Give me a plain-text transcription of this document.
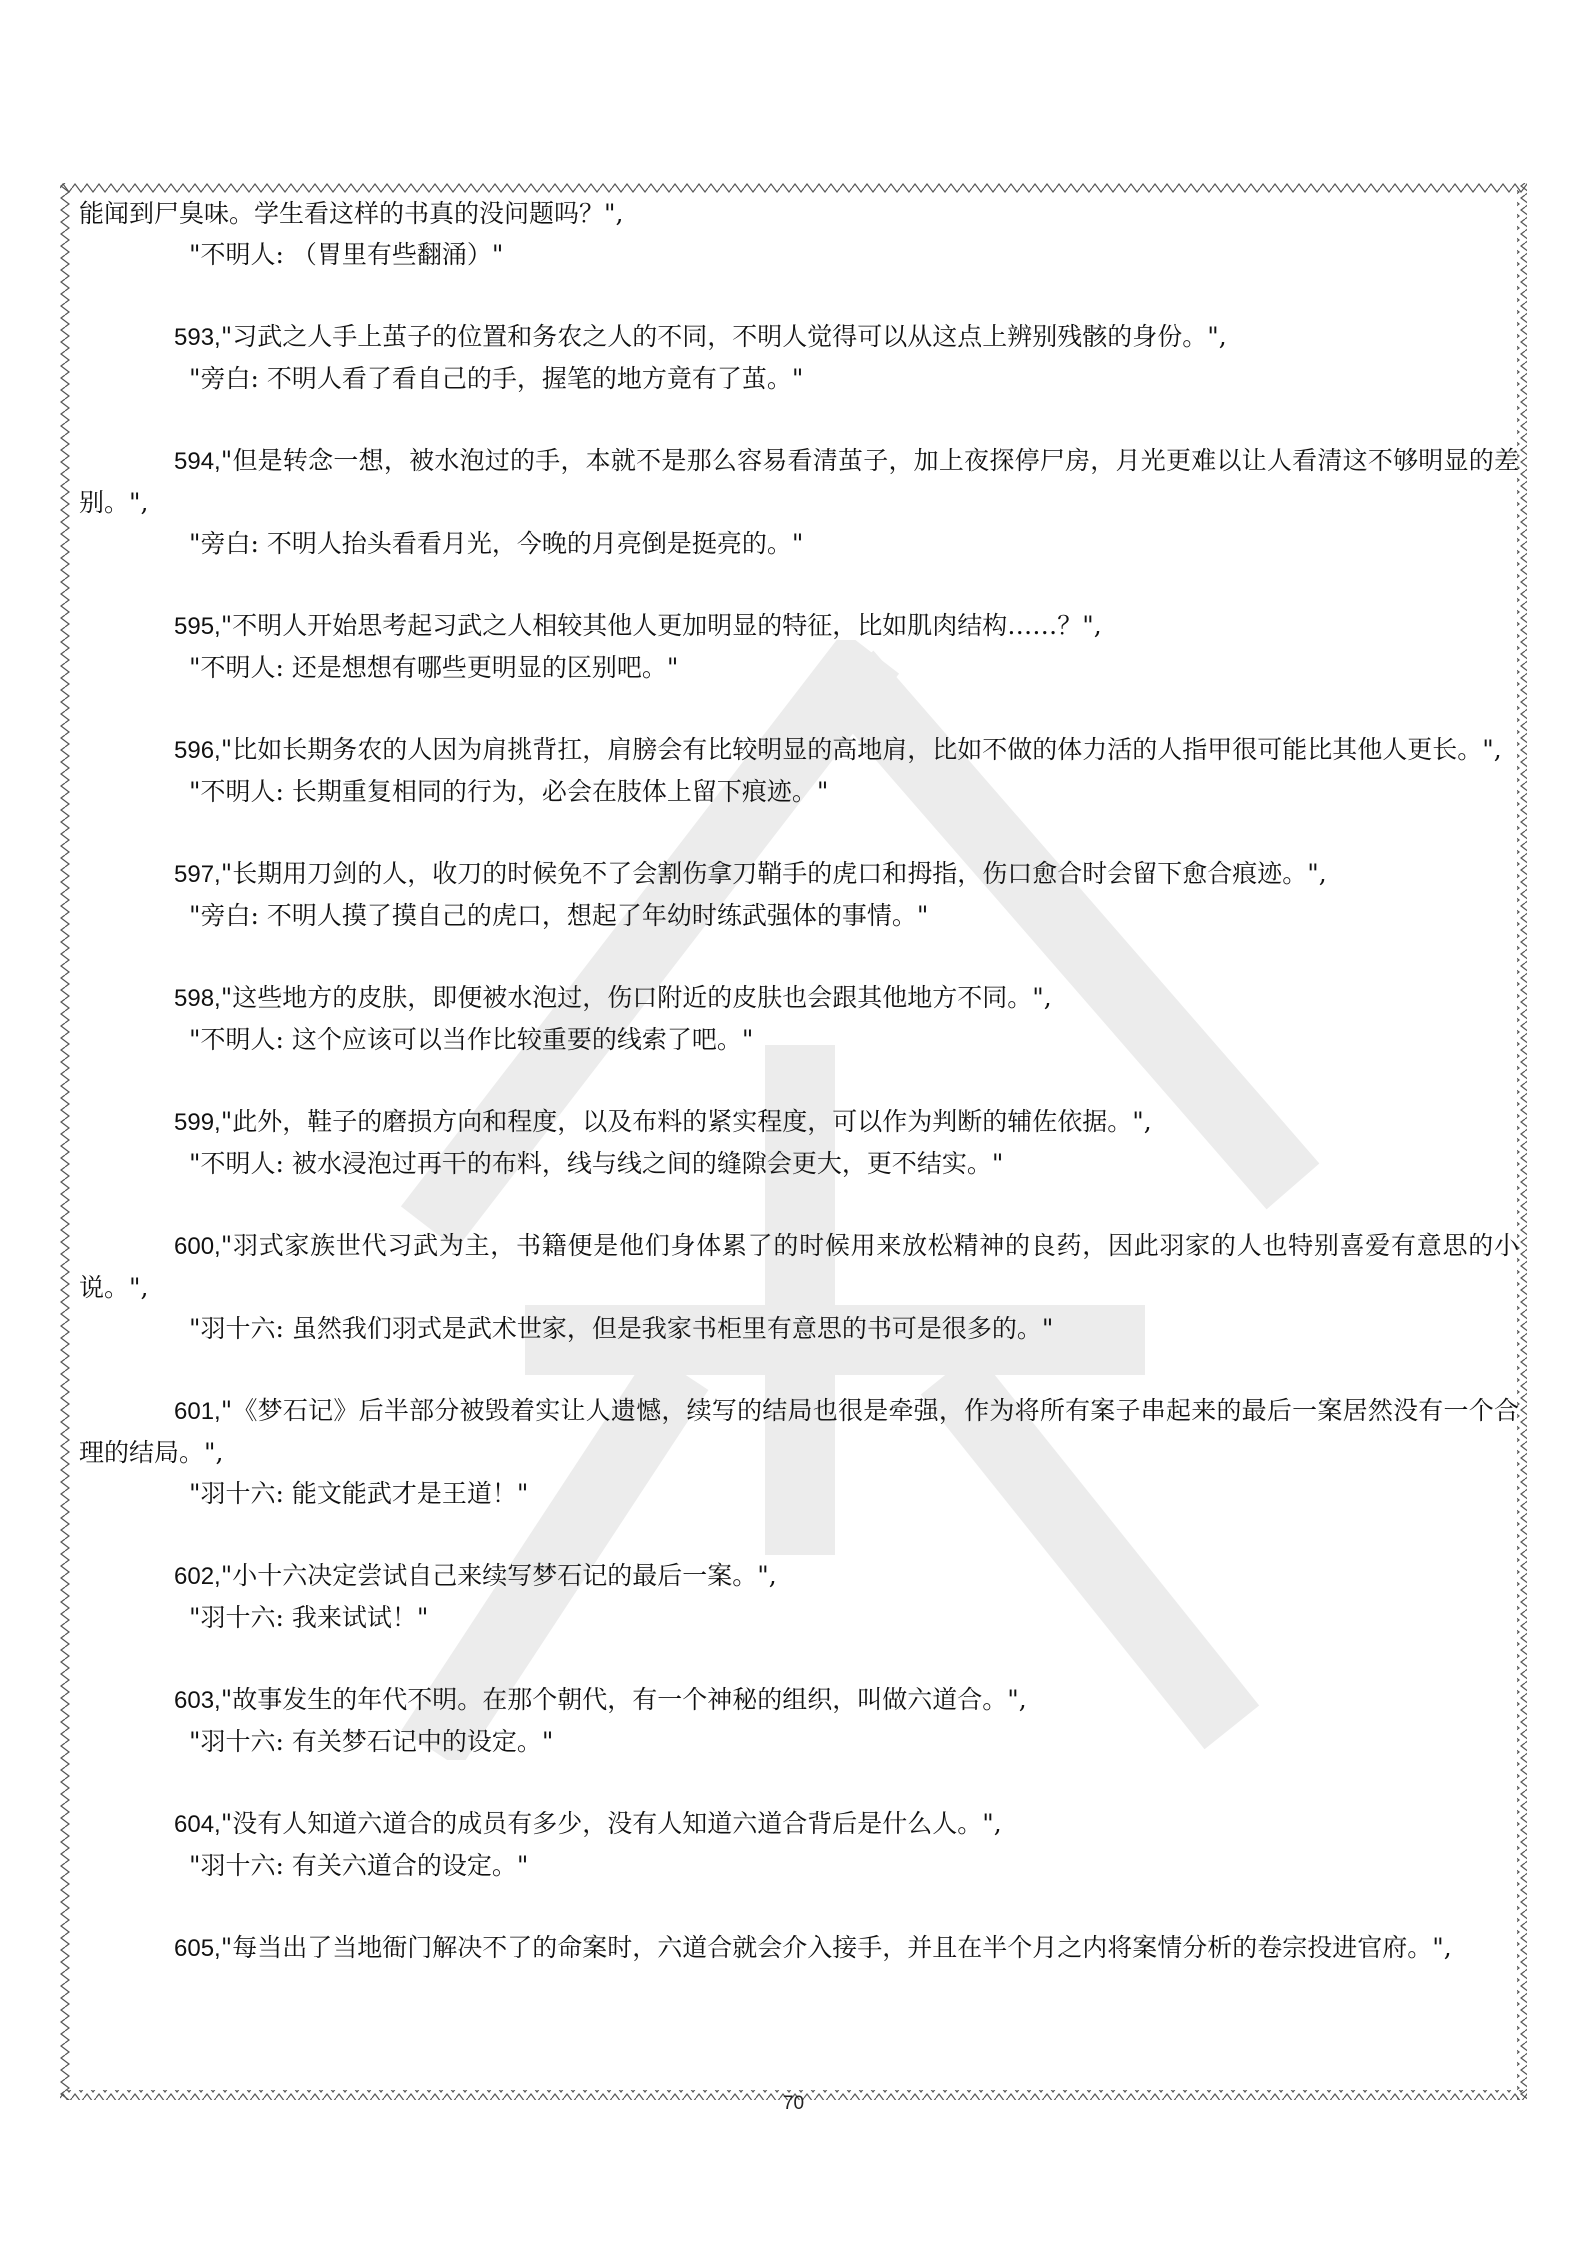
能闻到尸臭味。学生看这样的书真的没问题吗？",

"不明人: （胃里有些翻涌）"

593,"习武之人手上茧子的位置和务农之人的不同，不明人觉得可以从这点上辨别残骸的身份。",

"旁白: 不明人看了看自己的手，握笔的地方竟有了茧。"

594,"但是转念一想，被水泡过的手，本就不是那么容易看清茧子，加上夜探停尸房，月光更难以让人看清这不够明显的差别。",

"旁白: 不明人抬头看看月光，今晚的月亮倒是挺亮的。"

595,"不明人开始思考起习武之人相较其他人更加明显的特征，比如肌肉结构……？",

"不明人: 还是想想有哪些更明显的区别吧。"

596,"比如长期务农的人因为肩挑背扛，肩膀会有比较明显的高地肩，比如不做的体力活的人指甲很可能比其他人更长。",

"不明人: 长期重复相同的行为，必会在肢体上留下痕迹。"

597,"长期用刀剑的人，收刀的时候免不了会割伤拿刀鞘手的虎口和拇指，伤口愈合时会留下愈合痕迹。",

"旁白: 不明人摸了摸自己的虎口，想起了年幼时练武强体的事情。"

598,"这些地方的皮肤，即便被水泡过，伤口附近的皮肤也会跟其他地方不同。",

"不明人: 这个应该可以当作比较重要的线索了吧。"

599,"此外，鞋子的磨损方向和程度，以及布料的紧实程度，可以作为判断的辅佐依据。",

"不明人: 被水浸泡过再干的布料，线与线之间的缝隙会更大，更不结实。"

600,"羽式家族世代习武为主，书籍便是他们身体累了的时候用来放松精神的良药，因此羽家的人也特别喜爱有意思的小说。",

"羽十六: 虽然我们羽式是武术世家，但是我家书柜里有意思的书可是很多的。"

601,"《梦石记》后半部分被毁着实让人遗憾，续写的结局也很是牵强，作为将所有案子串起来的最后一案居然没有一个合理的结局。",

"羽十六: 能文能武才是王道！"

602,"小十六决定尝试自己来续写梦石记的最后一案。",

"羽十六: 我来试试！"

603,"故事发生的年代不明。在那个朝代，有一个神秘的组织，叫做六道合。",

"羽十六: 有关梦石记中的设定。"

604,"没有人知道六道合的成员有多少，没有人知道六道合背后是什么人。",

"羽十六: 有关六道合的设定。"

605,"每当出了当地衙门解决不了的命案时，六道合就会介入接手，并且在半个月之内将案情分析的卷宗投进官府。",

70
